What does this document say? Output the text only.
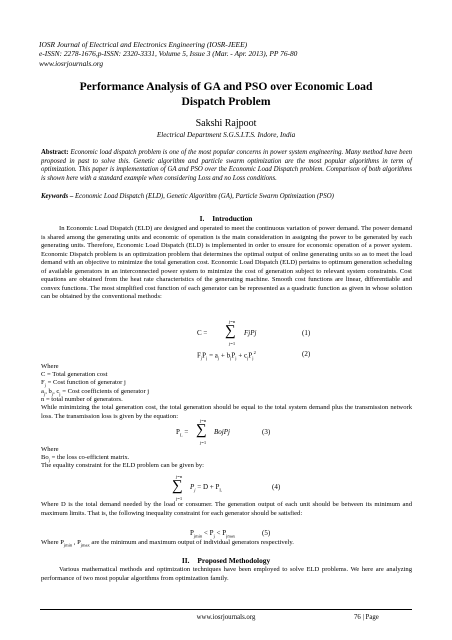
IOSR Journal of Electrical and Electronics Engineering (IOSR-JEEE)
e-ISSN: 2278-1676,p-ISSN: 2320-3331, Volume 5, Issue 3 (Mar. - Apr. 2013), PP 76-80
www.iosrjournals.org
Performance Analysis of GA and PSO over Economic Load
Dispatch Problem
Sakshi Rajpoot
Electrical Department S.G.S.I.T.S. Indore, India
Abstract: Economic load dispatch problem is one of the most popular concerns in power system engineering. Many method have been proposed in past to solve this. Genetic algorithm and particle swarm optimization are the most popular algorithms in term of optimization. This paper is implementation of GA and PSO over the Economic Load Dispatch problem. Comparison of both algorithms is shown here with a standard example when considering Loss and no Loss conditions.
Keywords – Economic Load Dispatch (ELD), Genetic Algorithm (GA), Particle Swarm Optimization (PSO)
I. Introduction
In Economic Load Dispatch (ELD) are designed and operated to meet the continuous variation of power demand. The power demand is shared among the generating units and economic of operation is the main consideration in assigning the power to be generated by each generating units. Therefore, Economic Load Dispatch (ELD) is implemented in order to ensure for economic operation of a power system. Economic Dispatch problem is an optimization problem that determines the optimal output of online generating units so as to meet the load demand with an objective to minimize the total generation cost. Economic Load Dispatch (ELD) pertains to optimum generation scheduling of available generators in an interconnected power system to minimize the cost of generation subject to relevant system constraints. Cost equations are obtained from the heat rate characteristics of the generating machine. Smooth cost functions are linear, differentiable and convex functions. The most simplified cost function of each generator can be represented as a quadratic function as given in whose solution can be obtained by the conventional methods:
C =
j=n
∑
j=1
FjPj	(1)
$F_jP_j = a_j + b_jP_j + c_jP_j^2$	(2)
Where
C = Total generation cost
$F_j$ = Cost function of generator j
$a_j$, $b_j$, $c_j$ = Cost coefficients of generator j
n = total number of generators.
While minimizing the total generation cost, the total generation should be equal to the total system demand plus the transmission network loss. The transmission loss is given by the equation:
$P_L$ =
j=n
∑
j=1
BojPj	(3)
Where
$Bo_j$ = the loss co-efficient matrix.
The equality constraint for the ELD problem can be given by:
j=n
∑
j=1
$P_j = D + P_L$	(4)
Where D is the total demand needed by the load or consumer. The generation output of each unit should be between its minimum and maximum limits. That is, the following inequality constraint for each generator should be satisfied:
$P_{jmin} < P_j < P_{jmax}$	(5)
Where $P_{jmin}$ , $P_{jmax}$ are the minimum and maximum output of individual generators respectively.
II. Proposed Methodology
Various mathematical methods and optimization techniques have been employed to solve ELD problems. We here are analyzing performance of two most popular algorithms from optimization family.
www.iosrjournals.org	76 | Page
